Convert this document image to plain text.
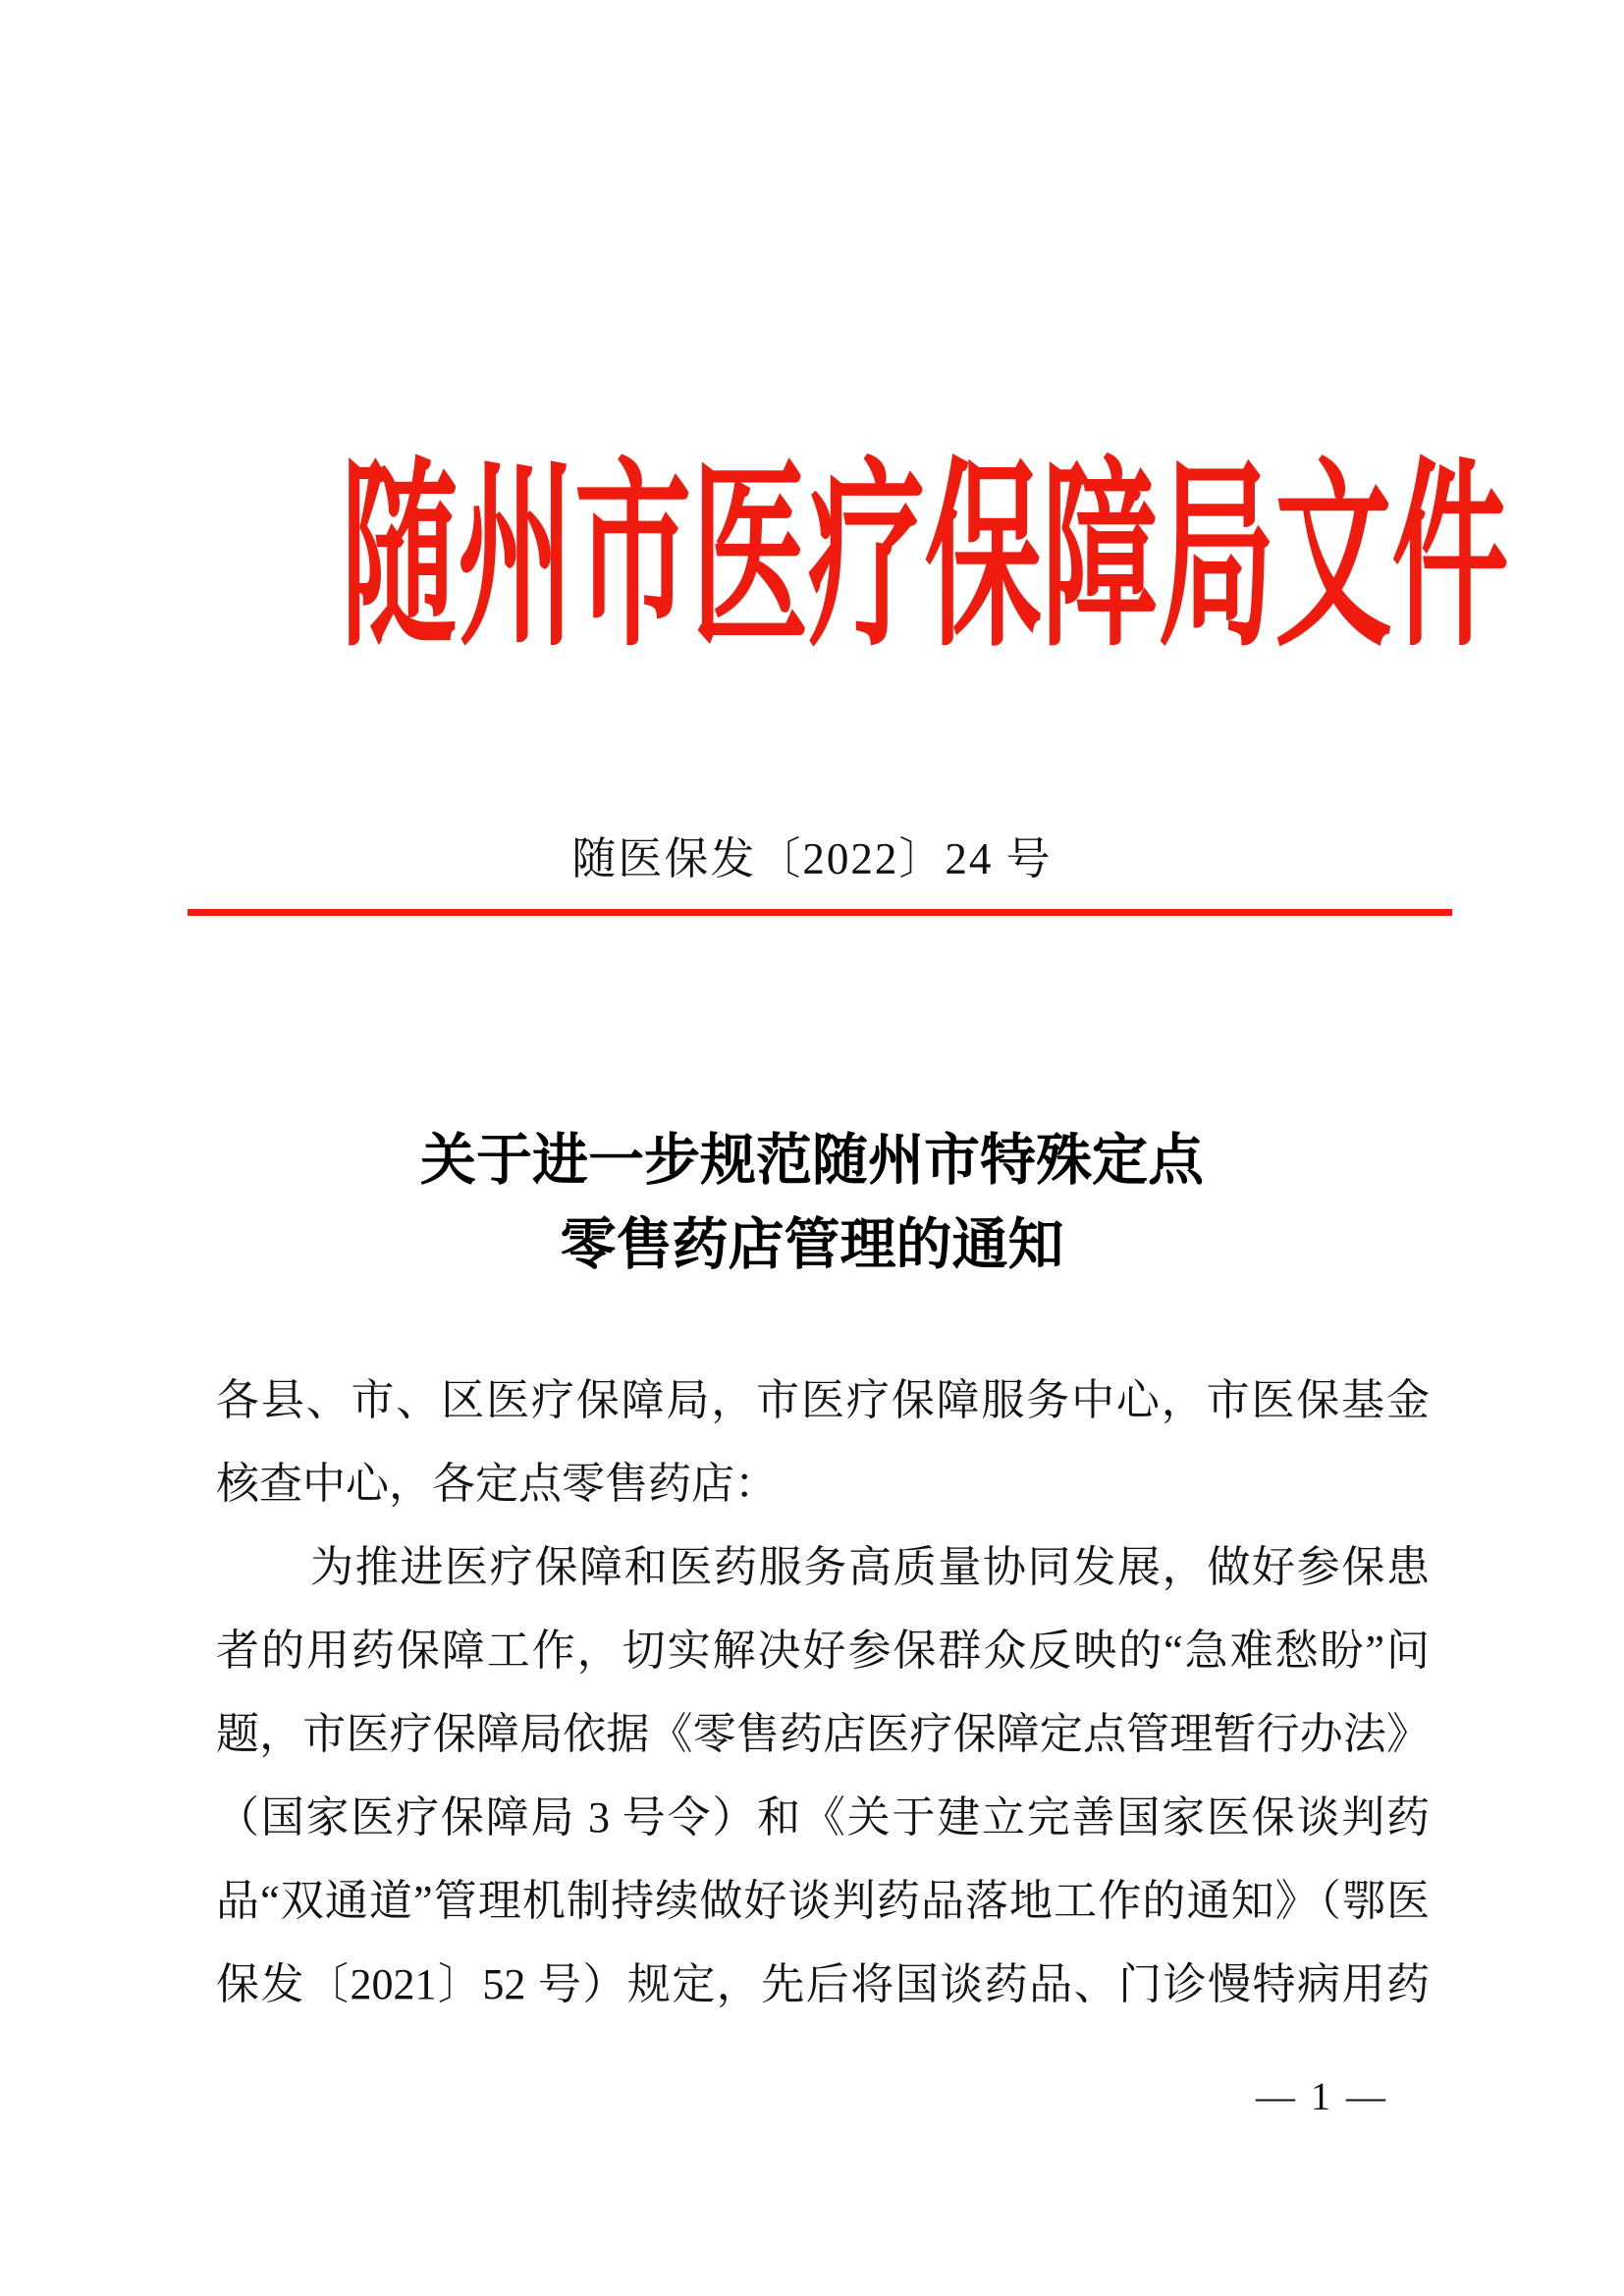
随州市医疗保障局文件
随医保发〔2022〕24 号
关于进一步规范随州市特殊定点
零售药店管理的通知
各县、市、区医疗保障局，市医疗保障服务中心，市医保基金
核查中心，各定点零售药店：
为推进医疗保障和医药服务高质量协同发展，做好参保患
者的用药保障工作，切实解决好参保群众反映的“急难愁盼”问
题，市医疗保障局依据《零售药店医疗保障定点管理暂行办法》
（国家医疗保障局 3 号令）和《关于建立完善国家医保谈判药
品“双通道”管理机制持续做好谈判药品落地工作的通知》（鄂医
保发〔2021〕52 号）规定，先后将国谈药品、门诊慢特病用药
— 1 —
